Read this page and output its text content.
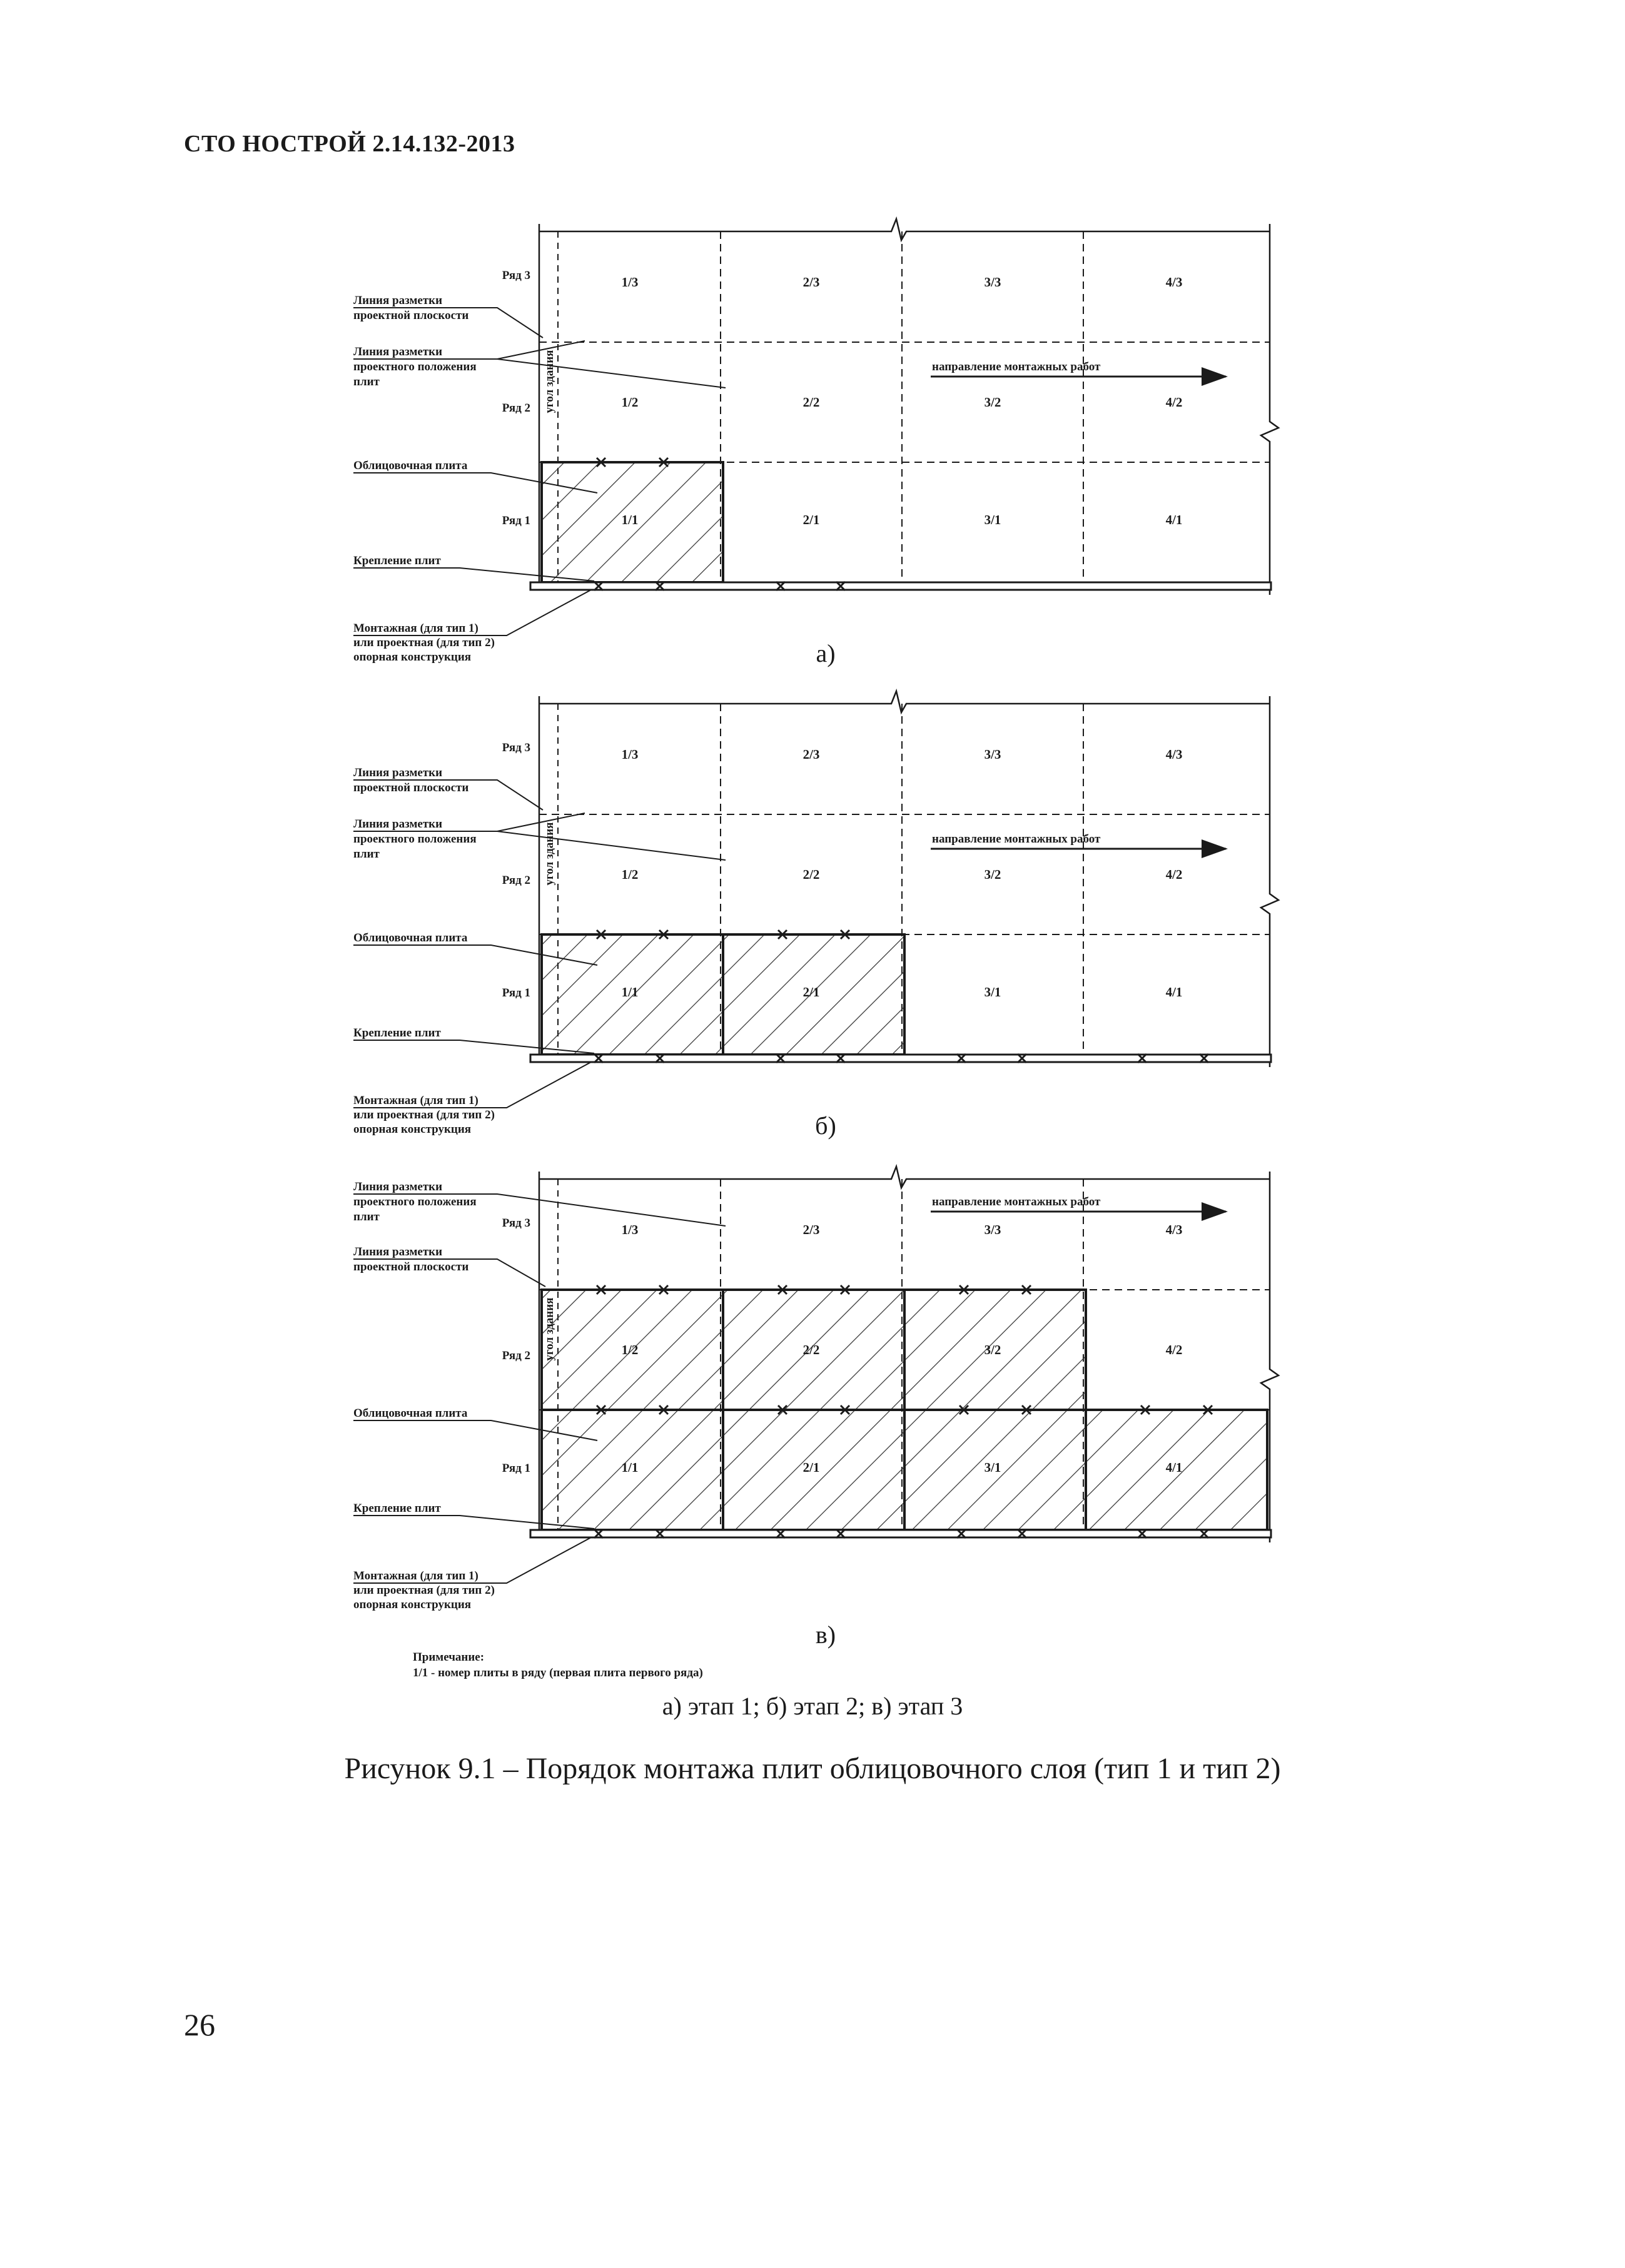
СТО НОСТРОЙ 2.14.132-2013
1/3	2/3	3/3	4/3
1/2	2/2	3/2	4/2
1/1	2/1	3/1	4/1
Ряд 3
Ряд 2
Ряд 1
угол здания	направление монтажных работ
Линия разметки
проектной плоскости
Линия разметки
проектного положения
плит
Облицовочная плита
Крепление плит
Монтажная (для тип 1)
или проектная (для тип 2)
опорная конструкция	а)
1/3	2/3	3/3	4/3
1/2	2/2	3/2	4/2
1/1	2/1	3/1	4/1
Ряд 3
Ряд 2
Ряд 1
угол здания	направление монтажных работ
Линия разметки
проектной плоскости
Линия разметки
проектного положения
плит
Облицовочная плита
Крепление плит
Монтажная (для тип 1)
или проектная (для тип 2)
опорная конструкция	б)
1/3	2/3	3/3	4/3
1/2	2/2	3/2	4/2
1/1	2/1	3/1	4/1
Ряд 3
Ряд 2
Ряд 1
угол здания
направление монтажных работ
Линия разметки
проектного положения
плит
Линия разметки
проектной плоскости
Облицовочная плита
Крепление плит
Монтажная (для тип 1)
или проектная (для тип 2)
опорная конструкция
в)
Примечание:
1/1 - номер плиты в ряду (первая плита первого ряда)
а) этап 1; б) этап 2; в) этап 3
Рисунок 9.1 – Порядок монтажа плит облицовочного слоя (тип 1 и тип 2)
26
